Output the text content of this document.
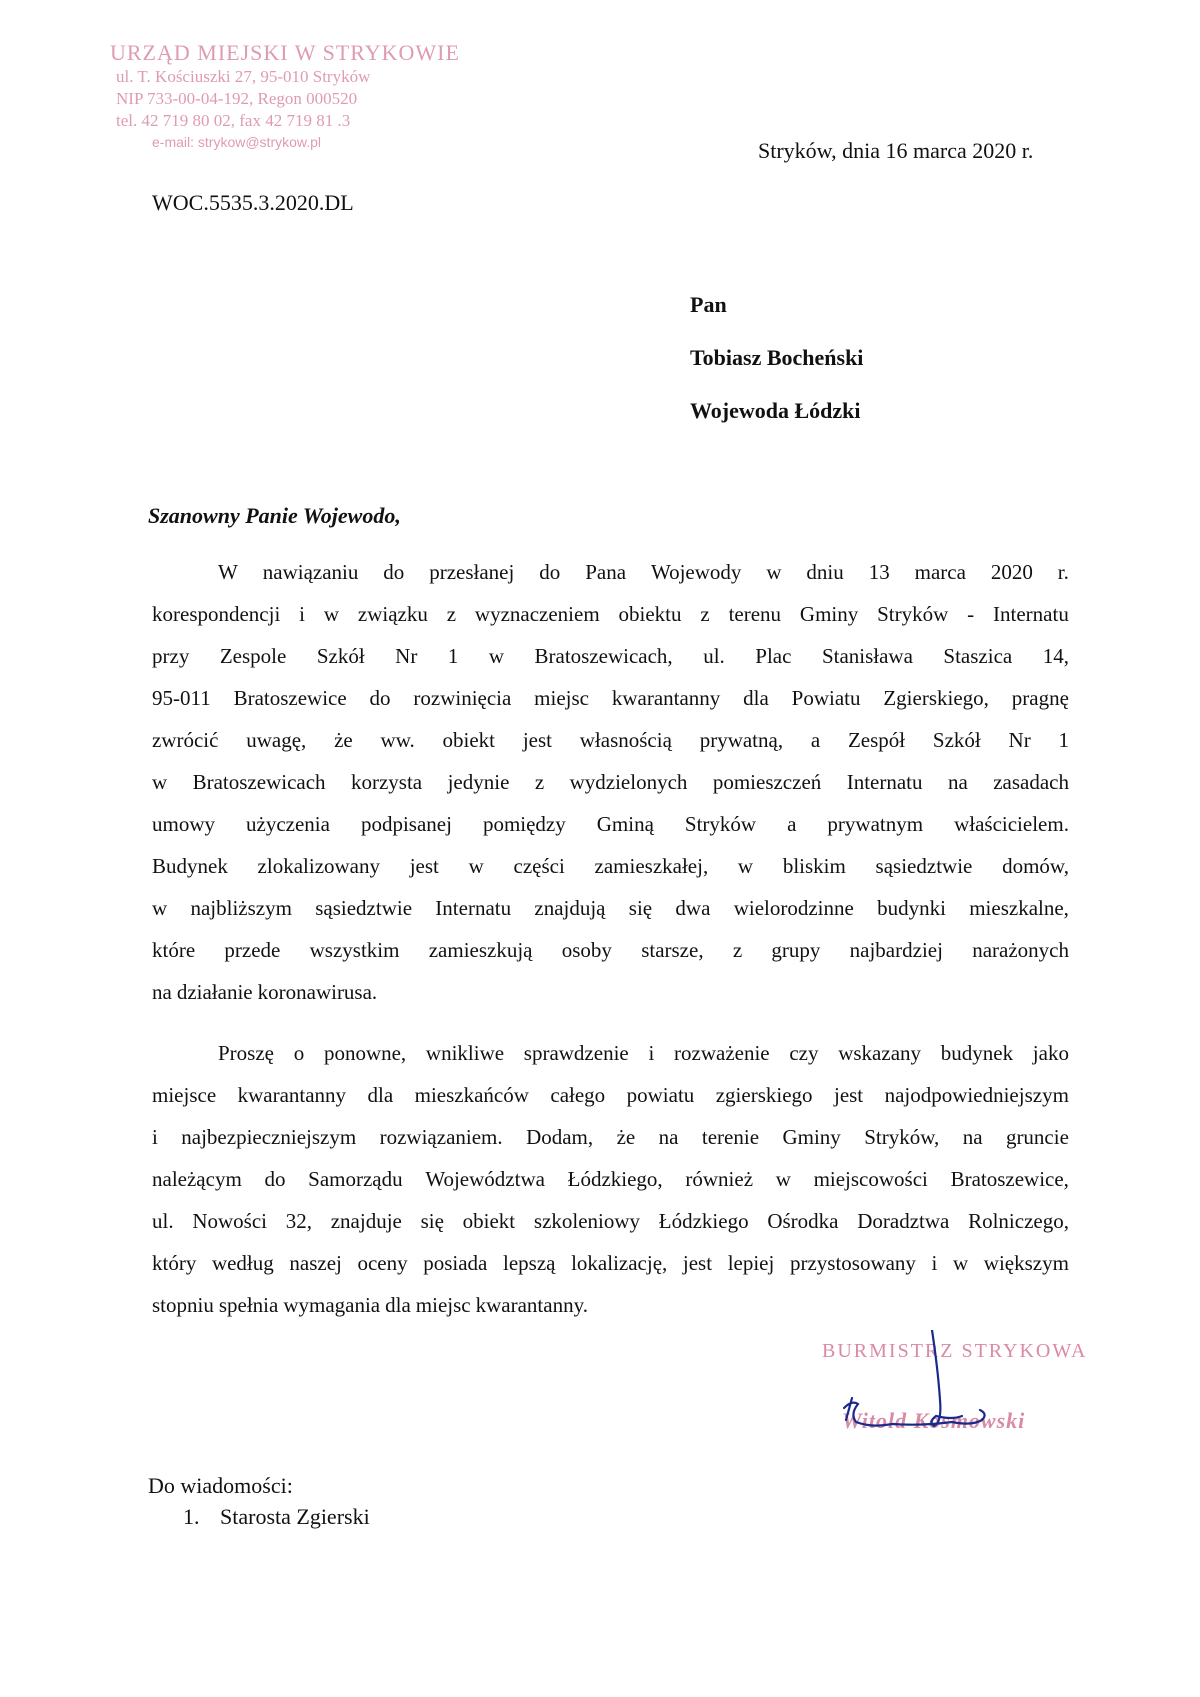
URZĄD MIEJSKI W STRYKOWIE
ul. T. Kościuszki 27, 95-010 Stryków
NIP 733-00-04-192, Regon 000520
tel. 42 719 80 02, fax 42 719 81 .3
e-mail: strykow@strykow.pl	Stryków, dnia 16 marca 2020 r.
WOC.5535.3.2020.DL
Pan
Tobiasz Bocheński
Wojewoda Łódzki
Szanowny Panie Wojewodo,
W nawiązaniu do przesłanej do Pana Wojewody w dniu 13 marca 2020 r.
korespondencji i w związku z wyznaczeniem obiektu z terenu Gminy Stryków - Internatu
przy Zespole Szkół Nr 1 w Bratoszewicach, ul. Plac Stanisława Staszica 14,
95-011 Bratoszewice do rozwinięcia miejsc kwarantanny dla Powiatu Zgierskiego, pragnę
zwrócić uwagę, że ww. obiekt jest własnością prywatną, a Zespół Szkół Nr 1
w Bratoszewicach korzysta jedynie z wydzielonych pomieszczeń Internatu na zasadach
umowy użyczenia podpisanej pomiędzy Gminą Stryków a prywatnym właścicielem.
Budynek zlokalizowany jest w części zamieszkałej, w bliskim sąsiedztwie domów,
w najbliższym sąsiedztwie Internatu znajdują się dwa wielorodzinne budynki mieszkalne,
które przede wszystkim zamieszkują osoby starsze, z grupy najbardziej narażonych
na działanie koronawirusa.
Proszę o ponowne, wnikliwe sprawdzenie i rozważenie czy wskazany budynek jako
miejsce kwarantanny dla mieszkańców całego powiatu zgierskiego jest najodpowiedniejszym
i najbezpieczniejszym rozwiązaniem. Dodam, że na terenie Gminy Stryków, na gruncie
należącym do Samorządu Województwa Łódzkiego, również w miejscowości Bratoszewice,
ul. Nowości 32, znajduje się obiekt szkoleniowy Łódzkiego Ośrodka Doradztwa Rolniczego,
który według naszej oceny posiada lepszą lokalizację, jest lepiej przystosowany i w większym
stopniu spełnia wymagania dla miejsc kwarantanny.
BURMISTRZ STRYKOWA
Witold Kosmowski
Do wiadomości:
1. Starosta Zgierski
